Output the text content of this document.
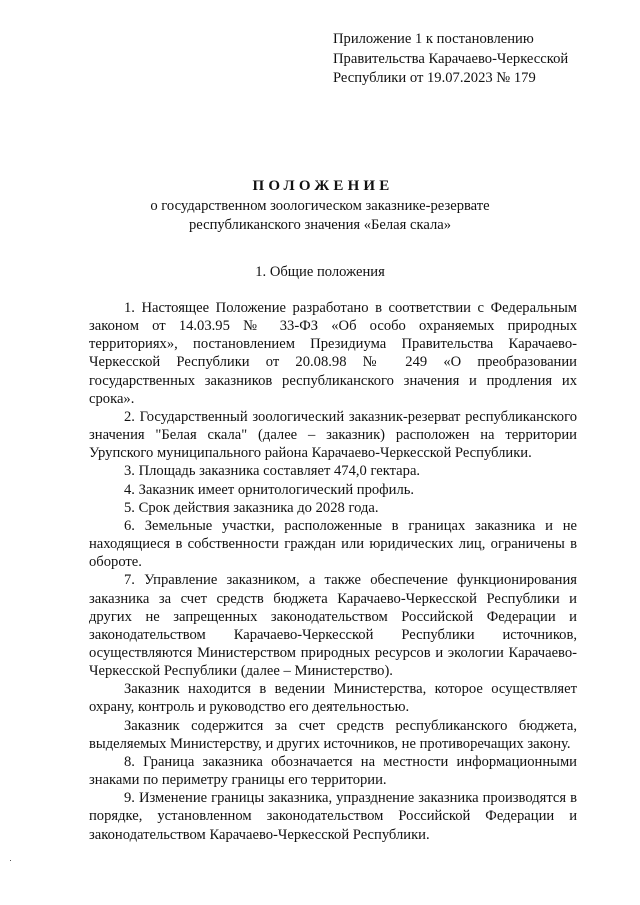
Приложение 1 к постановлению
Правительства Карачаево-Черкесской
Республики от 19.07.2023 № 179
ПОЛОЖЕНИЕ
о государственном зоологическом заказнике-резервате
республиканского значения «Белая скала»
1. Общие положения

1. Настоящее Положение разработано в соответствии с Федеральным законом от 14.03.95 № 33-ФЗ «Об особо охраняемых природных территориях», постановлением Президиума Правительства Карачаево-Черкесской Республики от 20.08.98 № 249 «О преобразовании государственных заказников республиканского значения и продления их срока».

2. Государственный зоологический заказник-резерват республиканского значения "Белая скала" (далее – заказник) расположен на территории Урупского муниципального района Карачаево-Черкесской Республики.

3. Площадь заказника составляет 474,0 гектара.

4. Заказник имеет орнитологический профиль.

5. Срок действия заказника до 2028 года.

6. Земельные участки, расположенные в границах заказника и не находящиеся в собственности граждан или юридических лиц, ограничены в обороте.

7. Управление заказником, а также обеспечение функционирования заказника за счет средств бюджета Карачаево-Черкесской Республики и других не запрещенных законодательством Российской Федерации и законодательством Карачаево-Черкесской Республики источников, осуществляются Министерством природных ресурсов и экологии Карачаево-Черкесской Республики (далее – Министерство).

Заказник находится в ведении Министерства, которое осуществляет охрану, контроль и руководство его деятельностью.

Заказник содержится за счет средств республиканского бюджета, выделяемых Министерству, и других источников, не противоречащих закону.

8. Граница заказника обозначается на местности информационными знаками по периметру границы его территории.

9. Изменение границы заказника, упразднение заказника производятся в порядке, установленном законодательством Российской Федерации и законодательством Карачаево-Черкесской Республики.
